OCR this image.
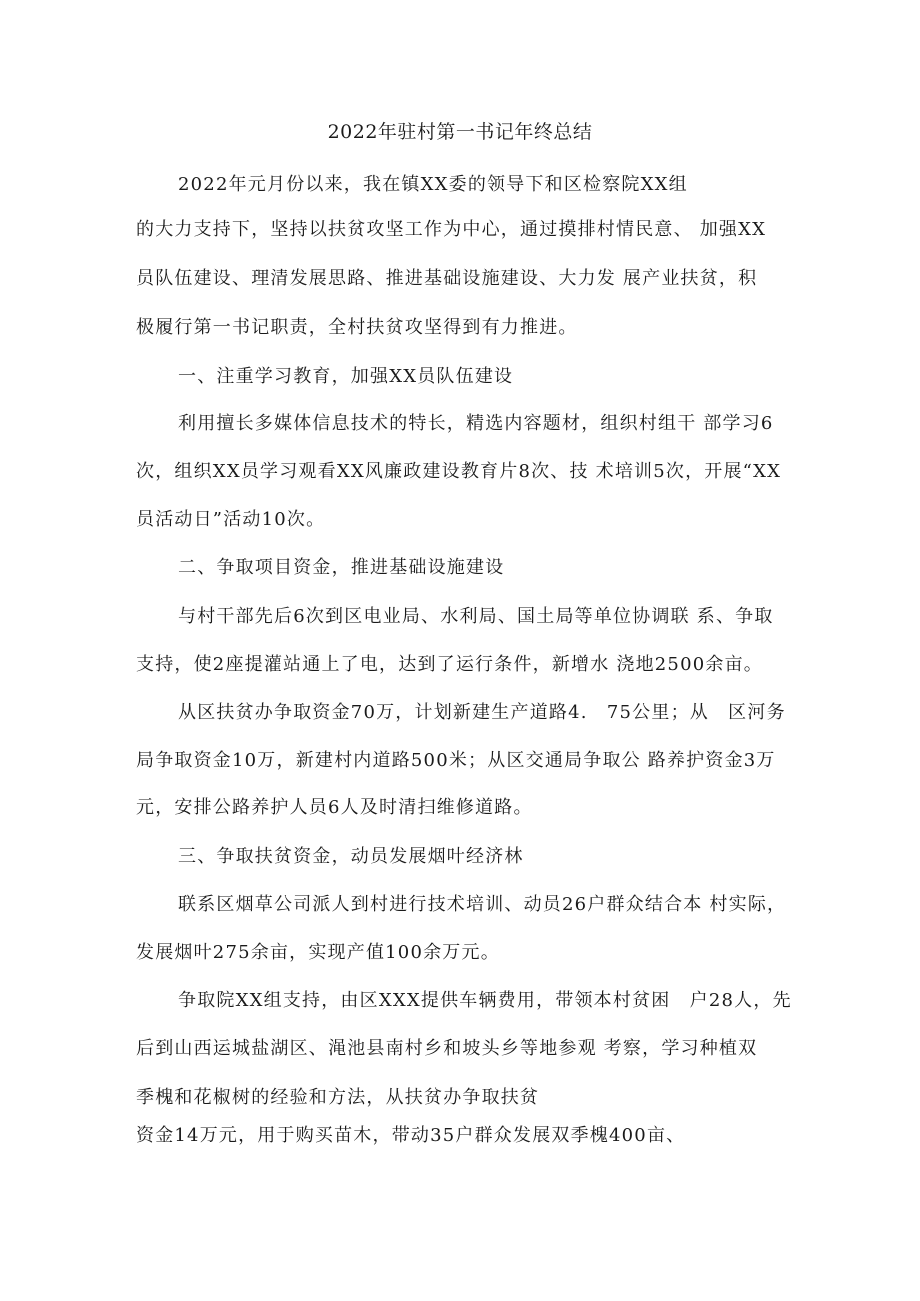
2022年驻村第一书记年终总结
2022年元月份以来，我在镇XX委的领导下和区检察院XX组
的大力支持下，坚持以扶贫攻坚工作为中心，通过摸排村情民意、 加强XX
员队伍建设、理清发展思路、推进基础设施建设、大力发 展产业扶贫，积
极履行第一书记职责，全村扶贫攻坚得到有力推进。
一、注重学习教育，加强XX员队伍建设
利用擅长多媒体信息技术的特长，精选内容题材，组织村组干 部学习6
次，组织XX员学习观看XX风廉政建设教育片8次、技 术培训5次，开展“XX
员活动日”活动10次。
二、争取项目资金，推进基础设施建设
与村干部先后6次到区电业局、水利局、国土局等单位协调联 系、争取
支持，使2座提灌站通上了电，达到了运行条件，新增水 浇地2500余亩。
从区扶贫办争取资金70万，计划新建生产道路4.　75公里；从　区河务
局争取资金10万，新建村内道路500米；从区交通局争取公 路养护资金3万
元，安排公路养护人员6人及时清扫维修道路。
三、争取扶贫资金，动员发展烟叶经济林
联系区烟草公司派人到村进行技术培训、动员26户群众结合本 村实际，
发展烟叶275余亩，实现产值100余万元。
争取院XX组支持，由区XXX提供车辆费用，带领本村贫困　户28人，先
后到山西运城盐湖区、渑池县南村乡和坡头乡等地参观 考察，学习种植双
季槐和花椒树的经验和方法，从扶贫办争取扶贫
资金14万元，用于购买苗木，带动35户群众发展双季槐400亩、
